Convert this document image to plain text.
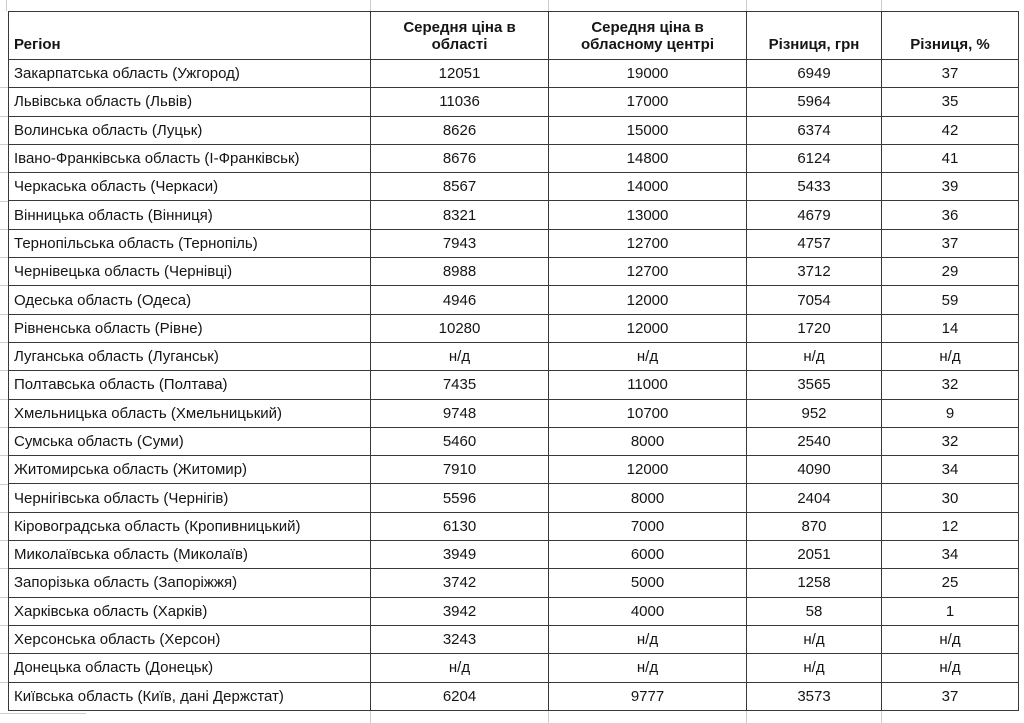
Регіон	Середня ціна в області	Середня ціна в обласному центрі	Різниця, грн	Різниця, %
Закарпатська область (Ужгород)	12051	19000	6949	37
Львівська область (Львів)	11036	17000	5964	35
Волинська область (Луцьк)	8626	15000	6374	42
Івано-Франківська область (І-Франківськ)	8676	14800	6124	41
Черкаська область (Черкаси)	8567	14000	5433	39
Вінницька область (Вінниця)	8321	13000	4679	36
Тернопільська область (Тернопіль)	7943	12700	4757	37
Чернівецька область (Чернівці)	8988	12700	3712	29
Одеська область (Одеса)	4946	12000	7054	59
Рівненська область (Рівне)	10280	12000	1720	14
Луганська область (Луганськ)	н/д	н/д	н/д	н/д
Полтавська область (Полтава)	7435	11000	3565	32
Хмельницька область (Хмельницький)	9748	10700	952	9
Сумська область (Суми)	5460	8000	2540	32
Житомирська область (Житомир)	7910	12000	4090	34
Чернігівська область (Чернігів)	5596	8000	2404	30
Кіровоградська область (Кропивницький)	6130	7000	870	12
Миколаївська область (Миколаїв)	3949	6000	2051	34
Запорізька область (Запоріжжя)	3742	5000	1258	25
Харківська область (Харків)	3942	4000	58	1
Херсонська область (Херсон)	3243	н/д	н/д	н/д
Донецька область (Донецьк)	н/д	н/д	н/д	н/д
Київська область (Київ, дані Держстат)	6204	9777	3573	37
